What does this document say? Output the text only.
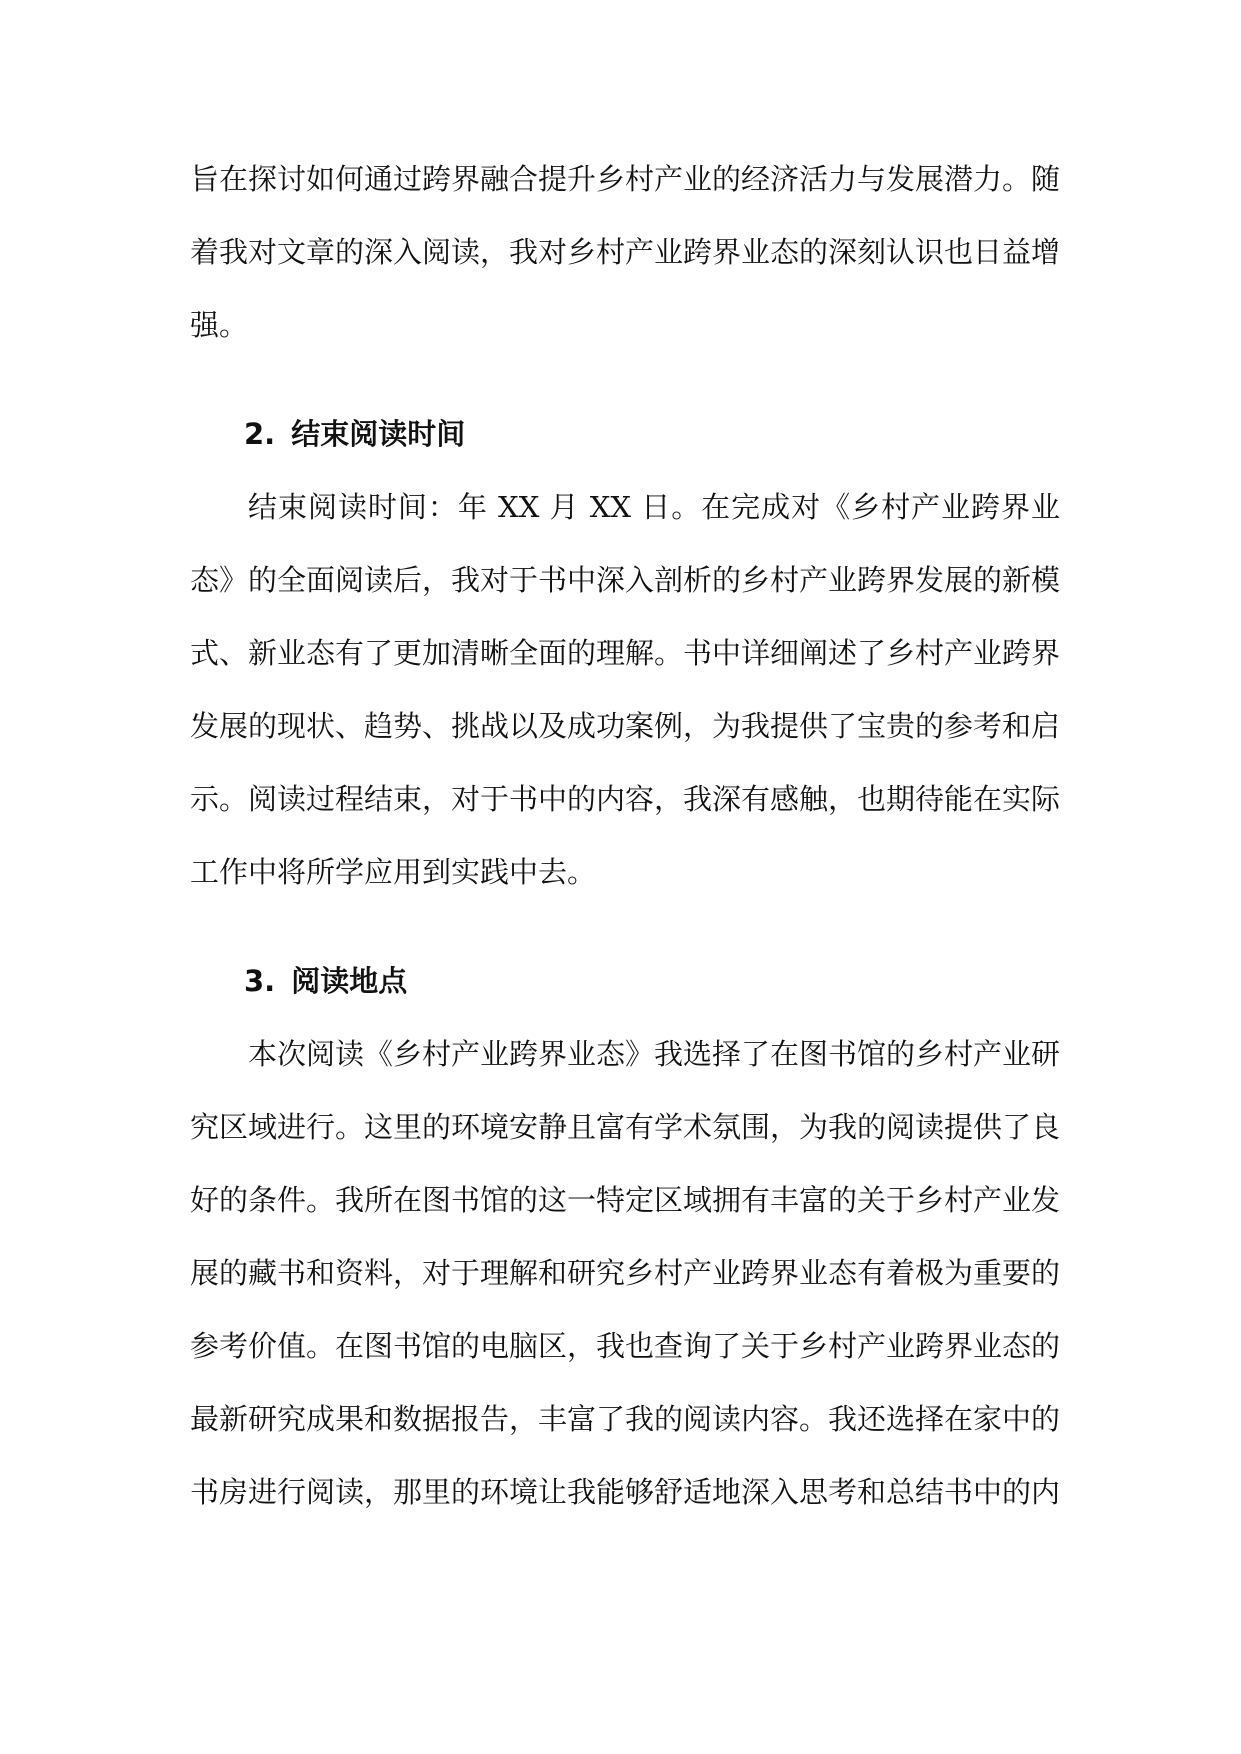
旨在探讨如何通过跨界融合提升乡村产业的经济活力与发展潜力。随着我对文章的深入阅读，我对乡村产业跨界业态的深刻认识也日益增强。

2. 结束阅读时间

结束阅读时间：年 XX 月 XX 日。在完成对《乡村产业跨界业态》的全面阅读后，我对于书中深入剖析的乡村产业跨界发展的新模式、新业态有了更加清晰全面的理解。书中详细阐述了乡村产业跨界发展的现状、趋势、挑战以及成功案例，为我提供了宝贵的参考和启示。阅读过程结束，对于书中的内容，我深有感触，也期待能在实际工作中将所学应用到实践中去。

3. 阅读地点

本次阅读《乡村产业跨界业态》我选择了在图书馆的乡村产业研究区域进行。这里的环境安静且富有学术氛围，为我的阅读提供了良好的条件。我所在图书馆的这一特定区域拥有丰富的关于乡村产业发展的藏书和资料，对于理解和研究乡村产业跨界业态有着极为重要的参考价值。在图书馆的电脑区，我也查询了关于乡村产业跨界业态的最新研究成果和数据报告，丰富了我的阅读内容。我还选择在家中的书房进行阅读，那里的环境让我能够舒适地深入思考和总结书中的内
